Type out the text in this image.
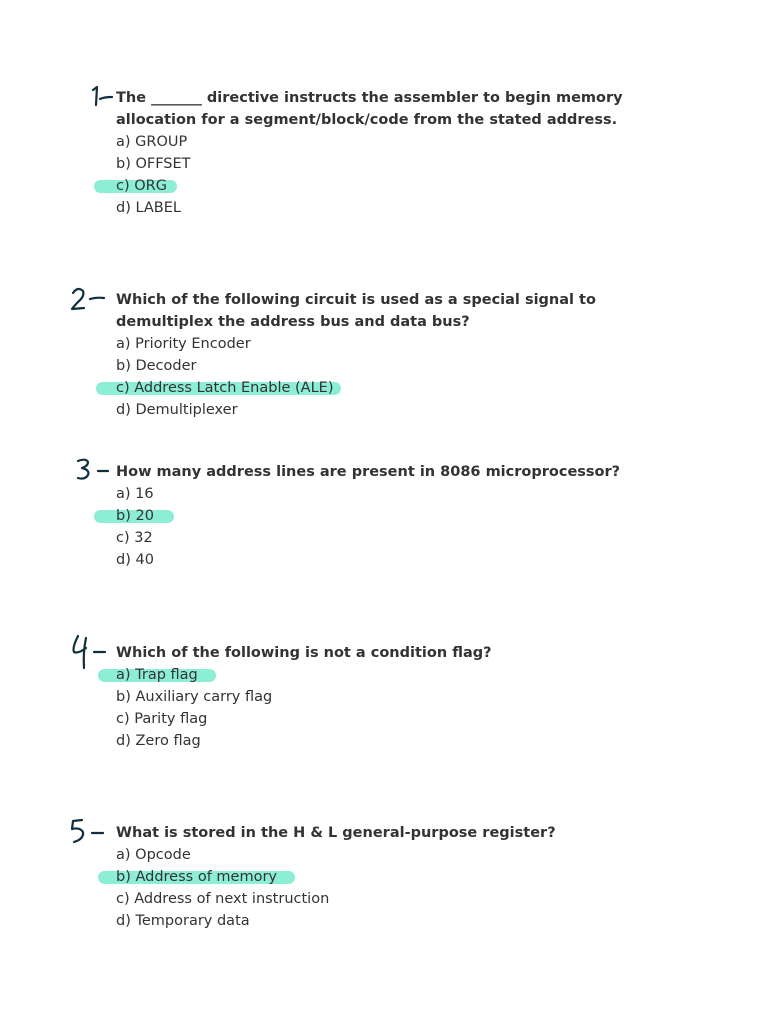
The _______ directive instructs the assembler to begin memory allocation for a segment/block/code from the stated address.

a) GROUP
b) OFFSET
c) ORG
d) LABEL

Which of the following circuit is used as a special signal to demultiplex the address bus and data bus?

a) Priority Encoder
b) Decoder
c) Address Latch Enable (ALE)
d) Demultiplexer

How many address lines are present in 8086 microprocessor?

a) 16
b) 20
c) 32
d) 40

Which of the following is not a condition flag?

a) Trap flag
b) Auxiliary carry flag
c) Parity flag
d) Zero flag

What is stored in the H & L general-purpose register?

a) Opcode
b) Address of memory
c) Address of next instruction
d) Temporary data
